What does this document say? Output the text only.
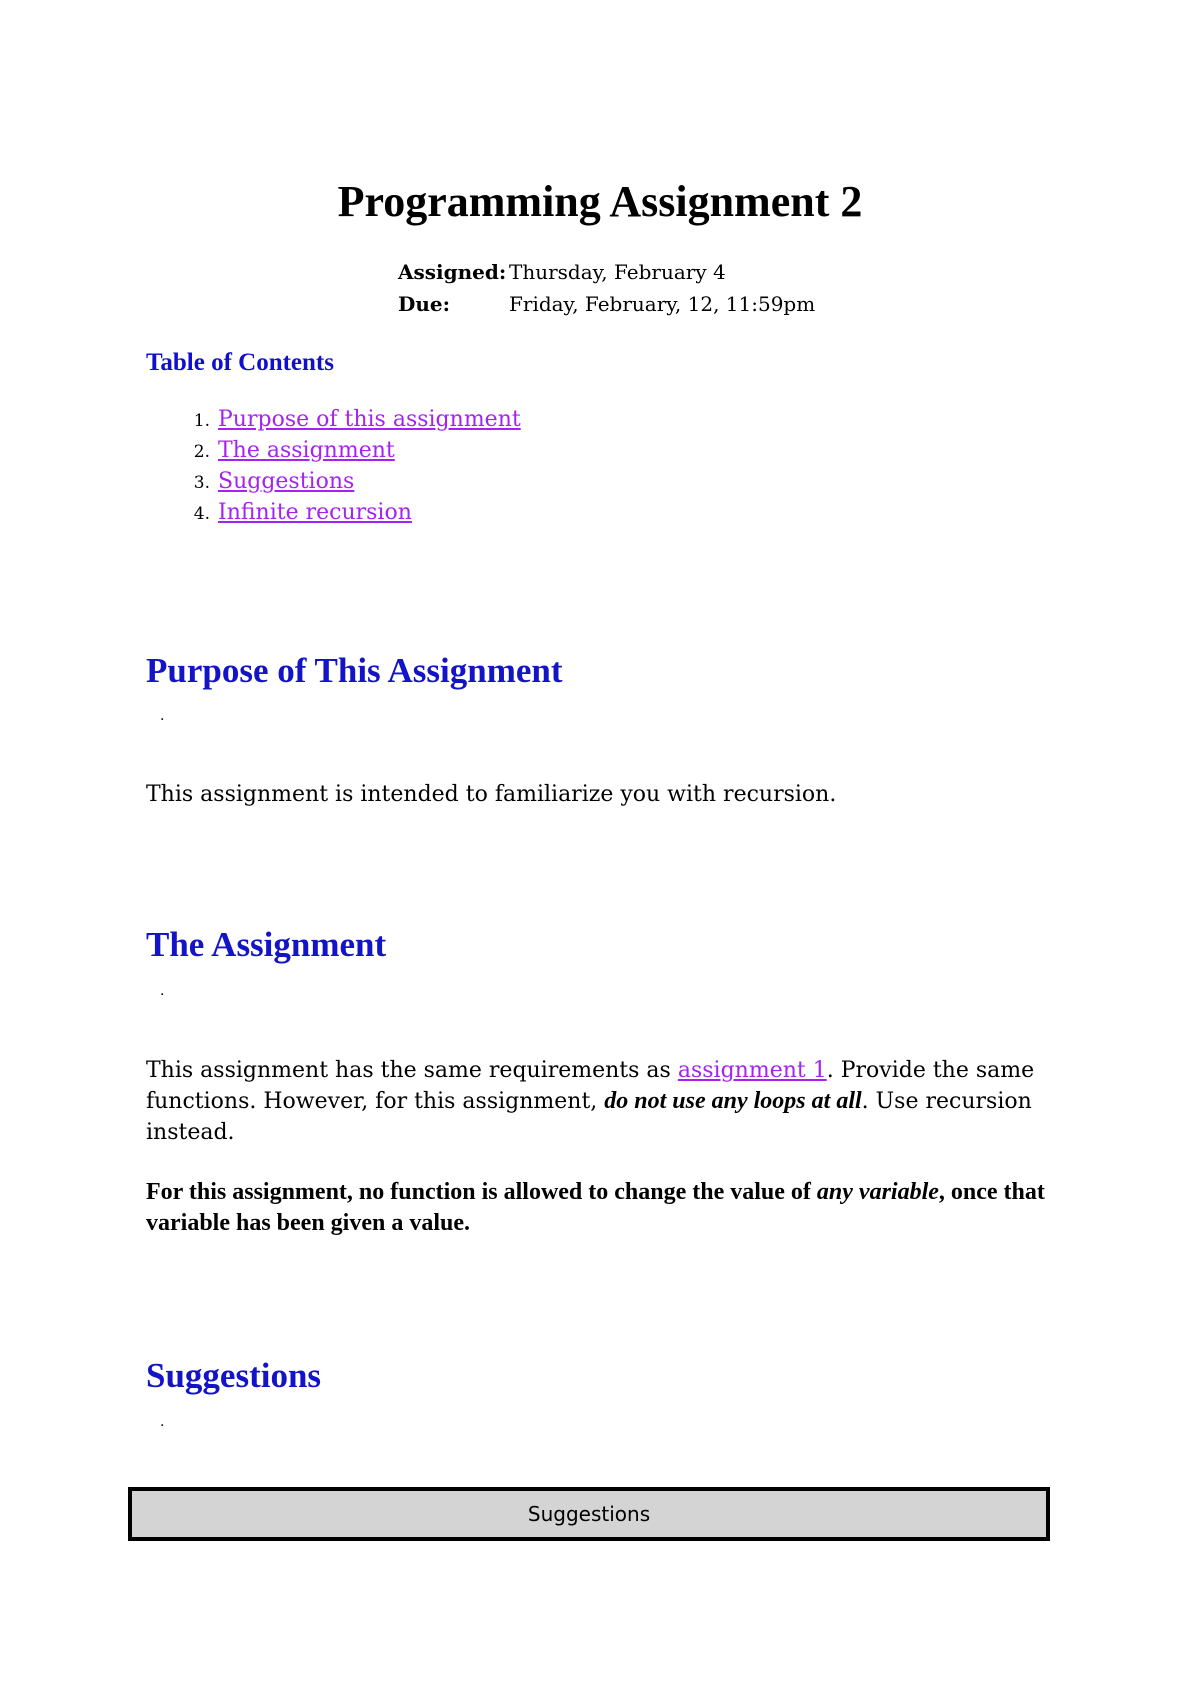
Programming Assignment 2
Assigned: Thursday, February 4
Due:	Friday, February, 12, 11:59pm
Table of Contents
1. Purpose of this assignment
2. The assignment
3. Suggestions
4. Infinite recursion
Purpose of This Assignment
·

This assignment is intended to familiarize you with recursion.

The Assignment
·

This assignment has the same requirements as assignment 1. Provide the same functions. However, for this assignment, do not use any loops at all. Use recursion instead.

For this assignment, no function is allowed to change the value of any variable, once that variable has been given a value.

Suggestions
·
Suggestions
